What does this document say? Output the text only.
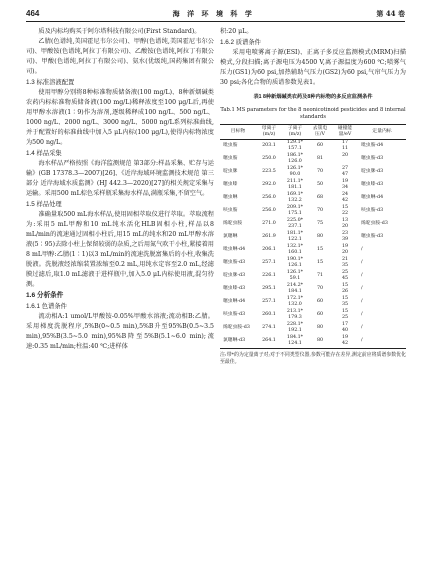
464	海 洋 环 境 科 学	第 44 卷
质及内标均购买于阿尔塔科技有限公司(First Standard)。
乙腈(色谱纯,美国霍尼韦尔公司)、甲醇(色谱纯,美国霍尼韦尔公司)、甲酸铵(色谱纯,阿拉丁有限公司)、乙酸铵(色谱纯,阿拉丁有限公司)、甲酸(色谱纯,阿拉丁有限公司)、氨水(优级纯,国药集团有限公司)。
1.3 标准溶液配置
使用甲醇分别将8种标准物质储备液(100 mg/L)、8种新烟碱类农药内标标准物质储备液(100 mg/L)稀释浓度至100 μg/L后,再使用甲醇水溶液(1∶9)作为溶剂,逐级稀释成100 ng/L、500 ng/L、1000 ng/L、2000 ng/L、3000 ng/L、5000 ng/L系列标准曲线,并于配置好的标准曲线中加入5 μL内标(100 μg/L),使得内标物浓度为500 ng/L。
1.4 样品采集
海水样品严格按照《海洋监测规范 第3部分:样品采集、贮存与运输》(GB 17378.3—2007)[26]、《近岸海域环境监测技术规范 第三部分 近岸海域水质监测》(HJ 442.3—2020)[27]的相关规定采集与运输。采用500 mL棕色采样瓶采集海水样品,满瓶采集,不留空气。
1.5 样品处理
准确量取500 mL海水样品,使用固相萃取仪进行萃取。萃取流程为:采用5 mL甲醇和10 mL纯水活化HLB固相小柱,样品以8 mL/min的流速通过固相小柱后,用15 mL的纯水和20 mL甲醇水溶液(5∶95)去除小柱上保留较弱的杂质,之后用氮气吹干小柱,紧接着用8 mL甲醇:乙腈(1∶1)以3 mL/min的流速洗脱富集后的小柱,收集洗脱液。洗脱液经浓缩装置浓缩至0.2 mL,用纯水定容至2.0 mL,经滤膜过滤后,取1.0 mL滤液于进样瓶中,加入5.0 μL内标使用液,混匀待测。
1.6 分析条件
1.6.1 色谱条件
流动相A:1 umol/L甲酸铵-0.05%甲酸水溶液;流动相B:乙腈。采用梯度洗脱程序,5%B(0~0.5 min),5%B升至95%B(0.5~3.5 min),95%B(3.5~5.0 min),95%B降至5%B(5.1~6.0 min);流速:0.35 mL/min;柱温:40 ℃;进样体
积:20 μL。
1.6.2 质谱条件
采用电喷雾离子源(ESI)、正离子多反应监测模式(MRM)扫描模式,分段扫描;离子源电压为4500 V,离子源温度为600 ℃;喷雾气压力(GS1)为60 psi,加热辅助气压力(GS2)为60 psi,气帘气压力为30 psi;各化合物的质谱参数见表1。
表1 8种新烟碱类农药及8种内标物的多反应监测条件
Tab.1 MS parameters for the 8 neonicotinoid pesticides and 8 internal standards
目标物	母离子(m/z)	子离子(m/z)	去簇电压/V	碰撞能量/eV	定量内标
吡虫胺	203.1	129.1*	60	17	吡虫胺-d4
		157.1		11	
噻虫胺	250.0	186.1*	81	20	噻虫胺-d3
		126.0			
啶虫脒	223.5	126.1*	70	27	啶虫脒-d3
		90.0		47	
噻虫嗪	292.0	211.1*	50	19	噻虫嗪-d3
		181.1		34	
噻虫啉	256.0	169.1*	68	24	噻虫啉-d4
		132.2		42	
呋虫胺	256.0	209.1*	70	15	呋虫胺-d3
		175.1		22	
烯啶虫胺	271.0	225.0*	75	13	烯啶虫胺-d3
		237.1		20	
氯噻啉	261.9	181.1*	80	23	噻虫胺-d3
		122.1		39	
吡虫啉-d4	206.1	132.1*	15	19	/
		160.1		20	
噻虫胺-d3	257.1	190.1*	15	21	/
		126.1		35	
啶虫脒-d3	226.1	126.1*	71	25	/
		59.1		45	
噻虫嗪-d3	295.1	214.2*	70	15	/
		184.1		26	
噻虫啉-d4	257.1	172.1*	60	15	/
		132.0		35	
呋虫胺-d3	260.1	213.1*	60	15	/
		179.3		25	
烯啶虫胺-d3	274.1	228.1*	80	17	/
		192.1		40	
氯噻啉-d3	264.1	184.1*	80	19	/
		124.1		42	
注:带*的为定量离子对;对于不同类型仪器,参数可能存在差异,测定前应将质谱参数优化至最佳。
